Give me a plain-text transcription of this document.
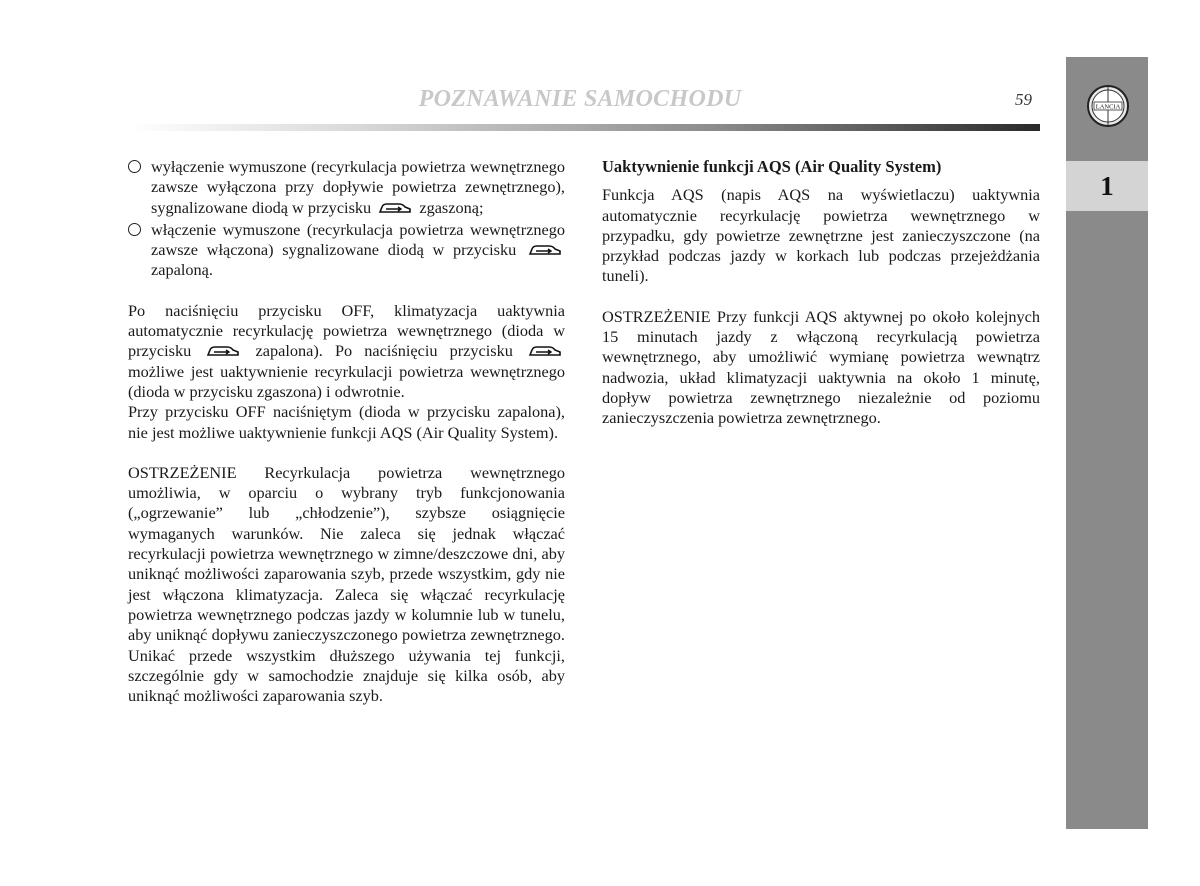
POZNAWANIE SAMOCHODU	59	LANCIA
1
wyłączenie wymuszone (recyrkulacja powietrza wewnętrznego zawsze wyłączona przy dopływie powietrza zewnętrznego), sygnalizowane diodą w przycisku	zgaszoną;
włączenie wymuszone (recyrkulacja powietrza wewnętrznego zawsze włączona) sygnalizowane diodą w przycisku  zapaloną.

Po naciśnięciu przycisku OFF, klimatyzacja uaktywnia automatycznie recyrkulację powietrza wewnętrznego (dioda w przycisku	zapalona). Po naciśnięciu przycisku  możliwe jest uaktywnienie recyrkulacji powietrza wewnętrznego (dioda w przycisku zgaszona) i odwrotnie.

Przy przycisku OFF naciśniętym (dioda w przycisku zapalona), nie jest możliwe uaktywnienie funkcji AQS (Air Quality System).

OSTRZEŻENIE Recyrkulacja powietrza wewnętrznego umożliwia, w oparciu o wybrany tryb funkcjonowania („ogrzewanie” lub „chłodzenie”), szybsze osiągnięcie wymaganych warunków. Nie zaleca się jednak włączać recyrkulacji powietrza wewnętrznego w zimne/deszczowe dni, aby uniknąć możliwości zaparowania szyb, przede wszystkim, gdy nie jest włączona klimatyzacja. Zaleca się włączać recyrkulację powietrza wewnętrznego podczas jazdy w kolumnie lub w tunelu, aby uniknąć dopływu zanieczyszczonego powietrza zewnętrznego. Unikać przede wszystkim dłuższego używania tej funkcji, szczególnie gdy w samochodzie znajduje się kilka osób, aby uniknąć możliwości zaparowania szyb.

Uaktywnienie funkcji AQS (Air Quality System)

Funkcja AQS (napis AQS na wyświetlaczu) uaktywnia automatycznie recyrkulację powietrza wewnętrznego w przypadku, gdy powietrze zewnętrzne jest zanieczyszczone (na przykład podczas jazdy w korkach lub podczas przejeżdżania tuneli).

OSTRZEŻENIE Przy funkcji AQS aktywnej po około kolejnych 15 minutach jazdy z włączoną recyrkulacją powietrza wewnętrznego, aby umożliwić wymianę powietrza wewnątrz nadwozia, układ klimatyzacji uaktywnia na około 1 minutę, dopływ powietrza zewnętrznego niezależnie od poziomu zanieczyszczenia powietrza zewnętrznego.
